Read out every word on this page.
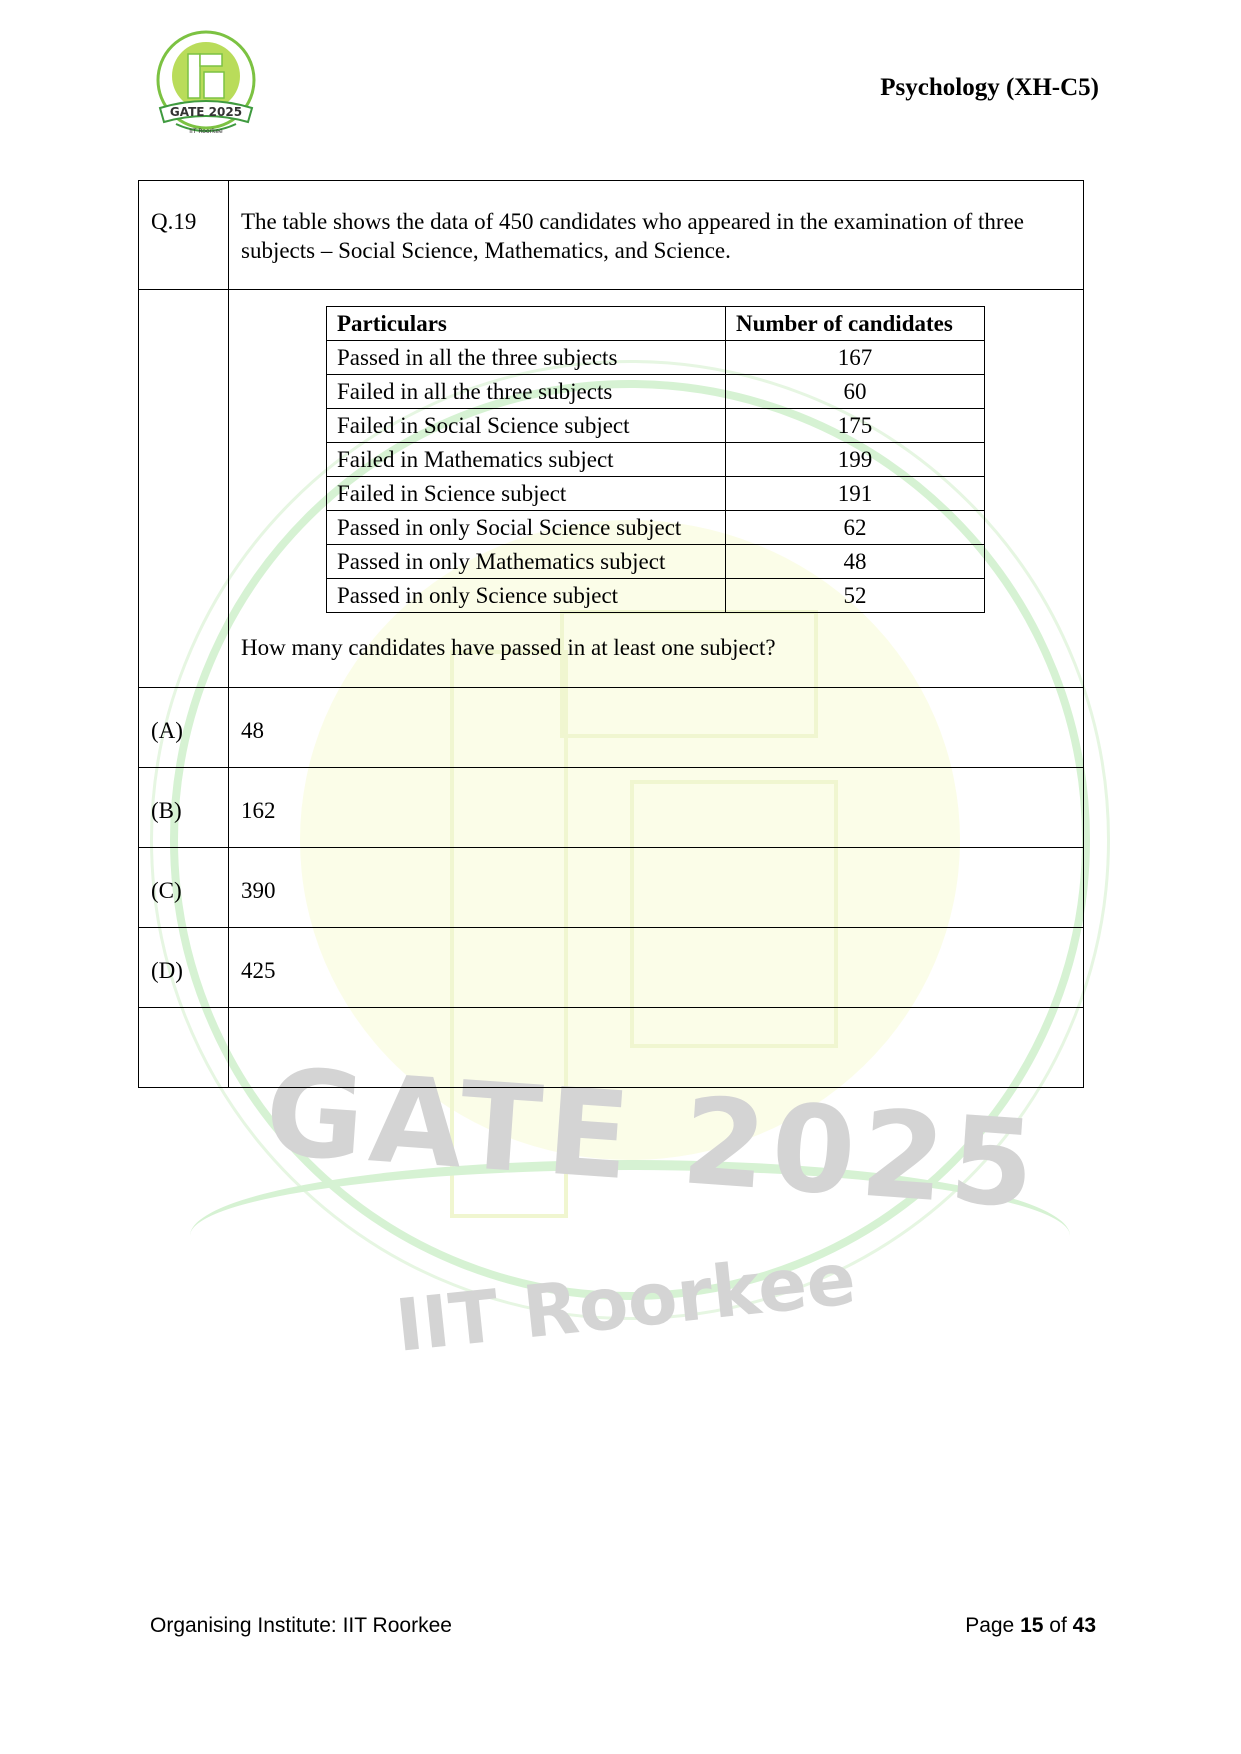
GATE 2025
IIT Roorkee
GATE 2025
IIT Roorkee
Psychology (XH-C5)
Q.19	The table shows the data of 450 candidates who appeared in the examination of three subjects – Social Science, Mathematics, and Science.

Particulars	Number of candidates
Passed in all the three subjects	167
Failed in all the three subjects	60
Failed in Social Science subject	175
Failed in Mathematics subject	199
Failed in Science subject	191
Passed in only Social Science subject	62
Passed in only Mathematics subject	48
Passed in only Science subject	52
How many candidates have passed in at least one subject?

(A)	48

(B)	162

(C)	390

(D)	425

Organising Institute: IIT Roorkee	Page 15 of 43
